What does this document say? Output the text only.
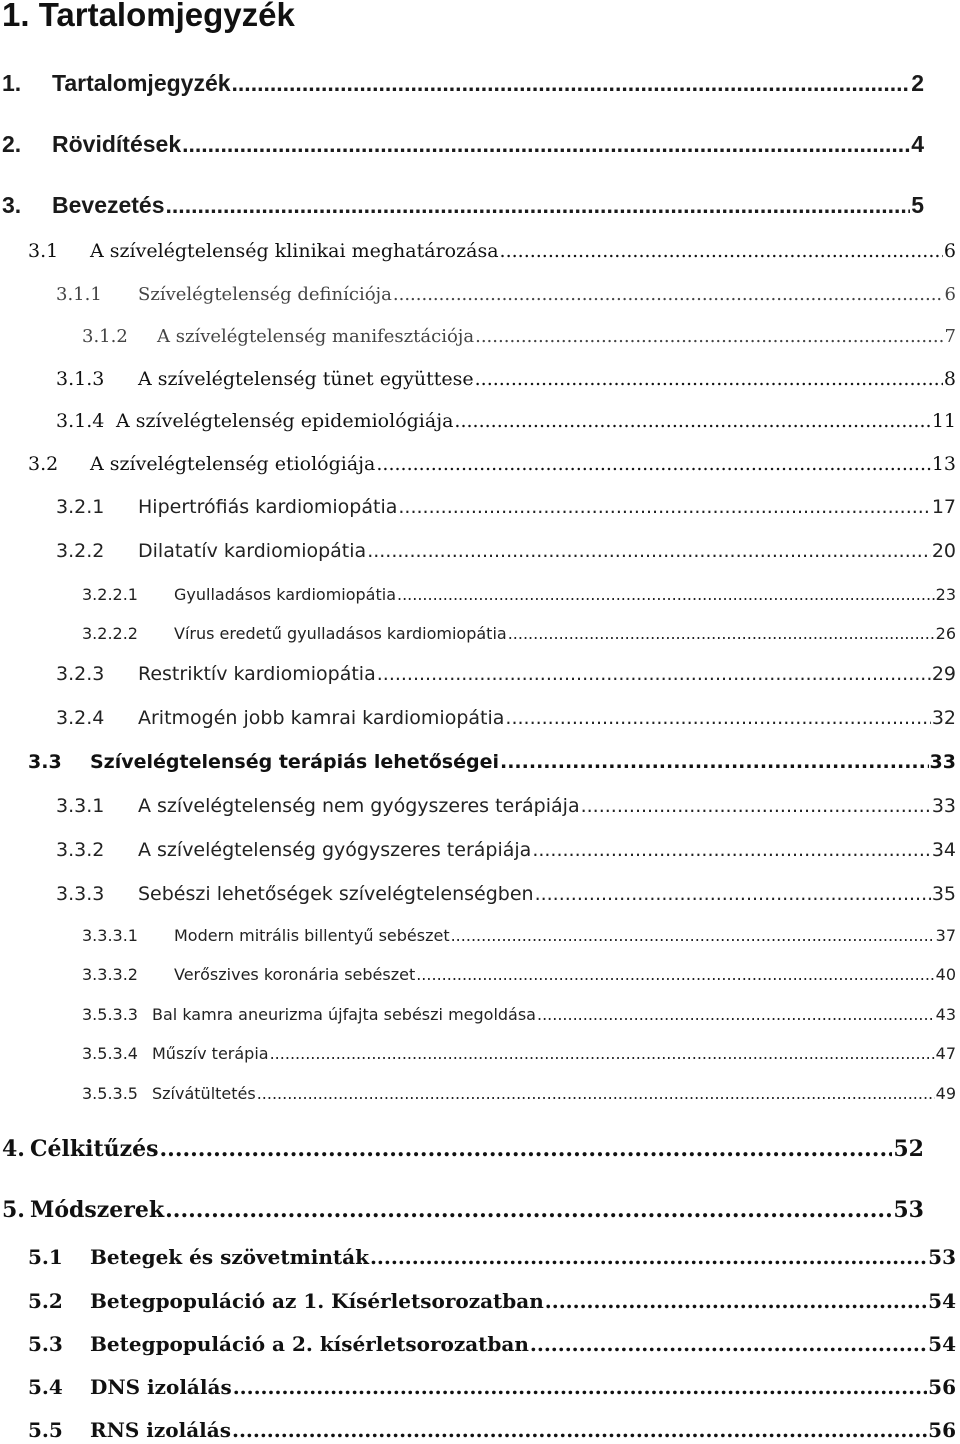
1. Tartalomjegyzék
1.	Tartalomjegyzék .....	2
2.	Rövidítések .....	4
3.	Bevezetés .....	5
3.1	A szívelégtelenség klinikai meghatározása .....	6
3.1.1	Szívelégtelenség definíciója .....	6
3.1.2	A szívelégtelenség manifesztációja .....	7
3.1.3	A szívelégtelenség tünet együttese .....	8
3.1.4 A szívelégtelenség epidemiológiája .....	11
3.2	A szívelégtelenség etiológiája .....	13
3.2.1	Hipertrófiás kardiomiopátia .....	17
3.2.2	Dilatatív kardiomiopátia .....	20
3.2.2.1	Gyulladásos kardiomiopátia .....	23
3.2.2.2	Vírus eredetű gyulladásos kardiomiopátia .....	26
3.2.3	Restriktív kardiomiopátia .....	29
3.2.4	Aritmogén jobb kamrai kardiomiopátia .....	32
3.3	Szívelégtelenség terápiás lehetőségei .....	33
3.3.1	A szívelégtelenség nem gyógyszeres terápiája .....	33
3.3.2	A szívelégtelenség gyógyszeres terápiája .....	34
3.3.3	Sebészi lehetőségek szívelégtelenségben .....	35
3.3.3.1	Modern mitrális billentyű sebészet .....	37
3.3.3.2	Verőszives koronária sebészet .....	40
3.5.3.3 Bal kamra aneurizma újfajta sebészi megoldása .....	43
3.5.3.4 Műszív terápia .....	47
3.5.3.5 Szívátültetés .....	49
4. Célkitűzés .....	52
5. Módszerek .....	53
5.1	Betegek és szövetminták .....	53
5.2	Betegpopuláció az 1. Kísérletsorozatban .....	54
5.3	Betegpopuláció a 2. kísérletsorozatban .....	54
5.4	DNS izolálás .....	56
5.5	RNS izolálás .....	56
